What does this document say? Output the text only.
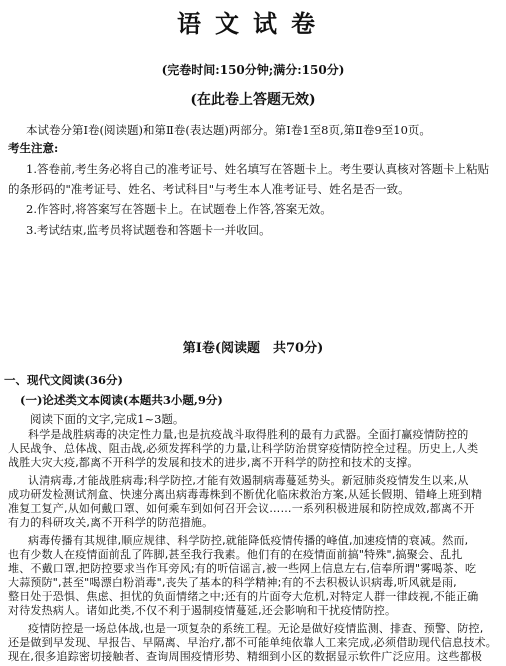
语文试卷
(完卷时间:150分钟;满分:150分)
(在此卷上答题无效)
本试卷分第Ⅰ卷(阅读题)和第Ⅱ卷(表达题)两部分。第Ⅰ卷1至8页,第Ⅱ卷9至10页。
考生注意:
1.答卷前,考生务必将自己的准考证号、姓名填写在答题卡上。考生要认真核对答题卡上粘贴
的条形码的"准考证号、姓名、考试科目"与考生本人准考证号、姓名是否一致。
2.作答时,将答案写在答题卡上。在试题卷上作答,答案无效。
3.考试结束,监考员将试题卷和答题卡一并收回。
第Ⅰ卷(阅读题　共70分)
一、现代文阅读(36分)
(一)论述类文本阅读(本题共3小题,9分)
阅读下面的文字,完成1~3题。
科学是战胜病毒的决定性力量,也是抗疫战斗取得胜利的最有力武器。全面打赢疫情防控的
人民战争、总体战、阻击战,必须发挥科学的力量,让科学防治贯穿疫情防控全过程。历史上,人类
战胜大灾大疫,都离不开科学的发展和技术的进步,离不开科学的防控和技术的支撑。
认清病毒,才能战胜病毒;科学防控,才能有效遏制病毒蔓延势头。新冠肺炎疫情发生以来,从
成功研发检测试剂盒、快速分离出病毒毒株到不断优化临床救治方案,从延长假期、错峰上班到精
准复工复产,从如何戴口罩、如何乘车到如何召开会议……一系列积极进展和防控成效,都离不开
有力的科研攻关,离不开科学的防范措施。
病毒传播有其规律,顺应规律、科学防控,就能降低疫情传播的峰值,加速疫情的衰减。然而,
也有少数人在疫情面前乱了阵脚,甚至我行我素。他们有的在疫情面前搞"特殊",搞聚会、乱扎
堆、不戴口罩,把防控要求当作耳旁风;有的听信谣言,被一些网上信息左右,信奉所谓"雾喝茶、吃
大蒜预防",甚至"喝漂白粉消毒",丧失了基本的科学精神;有的不去积极认识病毒,听风就是雨,
整日处于恐惧、焦虑、担忧的负面情绪之中;还有的片面夸大危机,对特定人群一律歧视,不能正确
对待发热病人。诸如此类,不仅不利于遏制疫情蔓延,还会影响和干扰疫情防控。
疫情防控是一场总体战,也是一项复杂的系统工程。无论是做好疫情监测、排查、预警、防控,
还是做到早发现、早报告、早隔离、早治疗,都不可能单纯依靠人工来完成,必须借助现代信息技术。
现在,很多追踪密切接触者、查询周围疫情形势、精细到小区的数据显示软件广泛应用。这些都极
